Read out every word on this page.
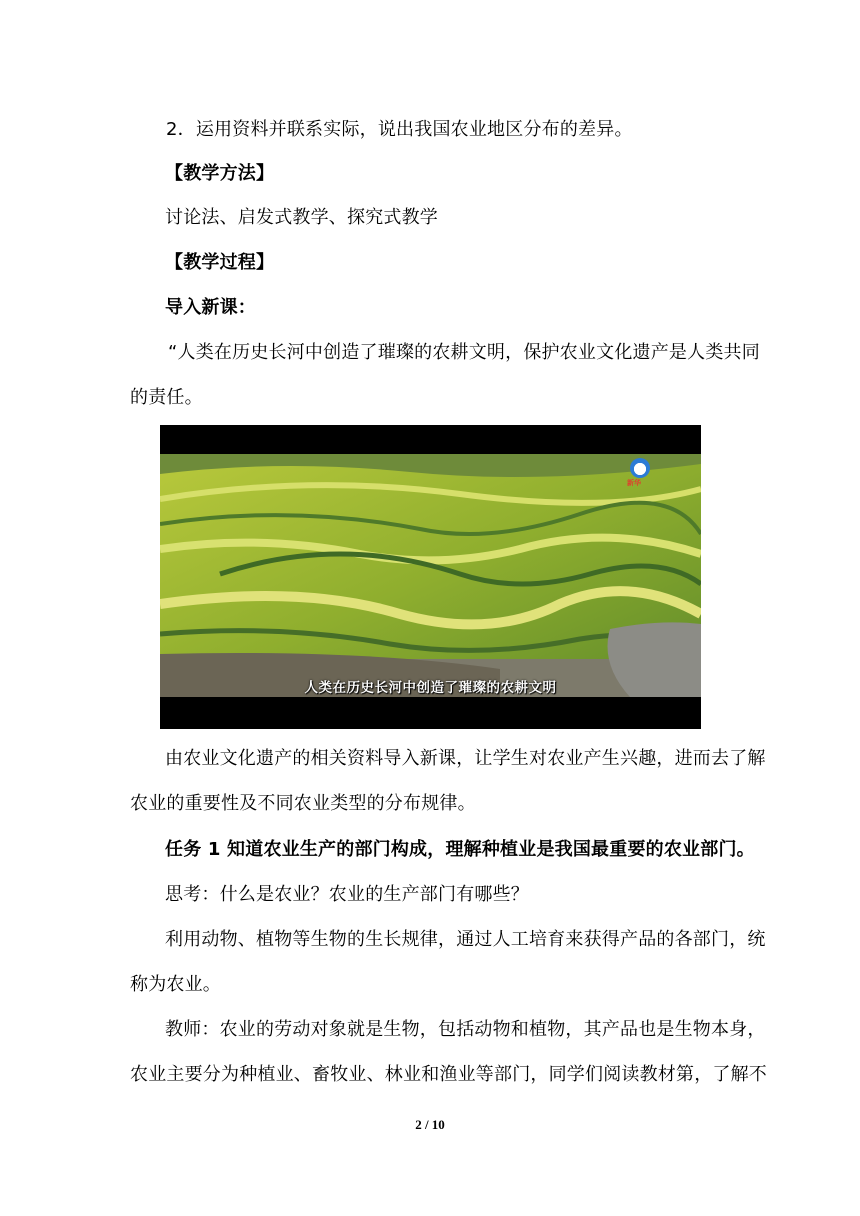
2．运用资料并联系实际，说出我国农业地区分布的差异。
【教学方法】
讨论法、启发式教学、探究式教学
【教学过程】
导入新课：
“人类在历史长河中创造了璀璨的农耕文明，保护农业文化遗产是人类共同
的责任。
新华
人类在历史长河中创造了璀璨的农耕文明
由农业文化遗产的相关资料导入新课，让学生对农业产生兴趣，进而去了解
农业的重要性及不同农业类型的分布规律。
任务 1 知道农业生产的部门构成，理解种植业是我国最重要的农业部门。
思考：什么是农业？农业的生产部门有哪些？
利用动物、植物等生物的生长规律，通过人工培育来获得产品的各部门，统
称为农业。
教师：农业的劳动对象就是生物，包括动物和植物，其产品也是生物本身，
农业主要分为种植业、畜牧业、林业和渔业等部门，同学们阅读教材第，了解不
2 / 10
